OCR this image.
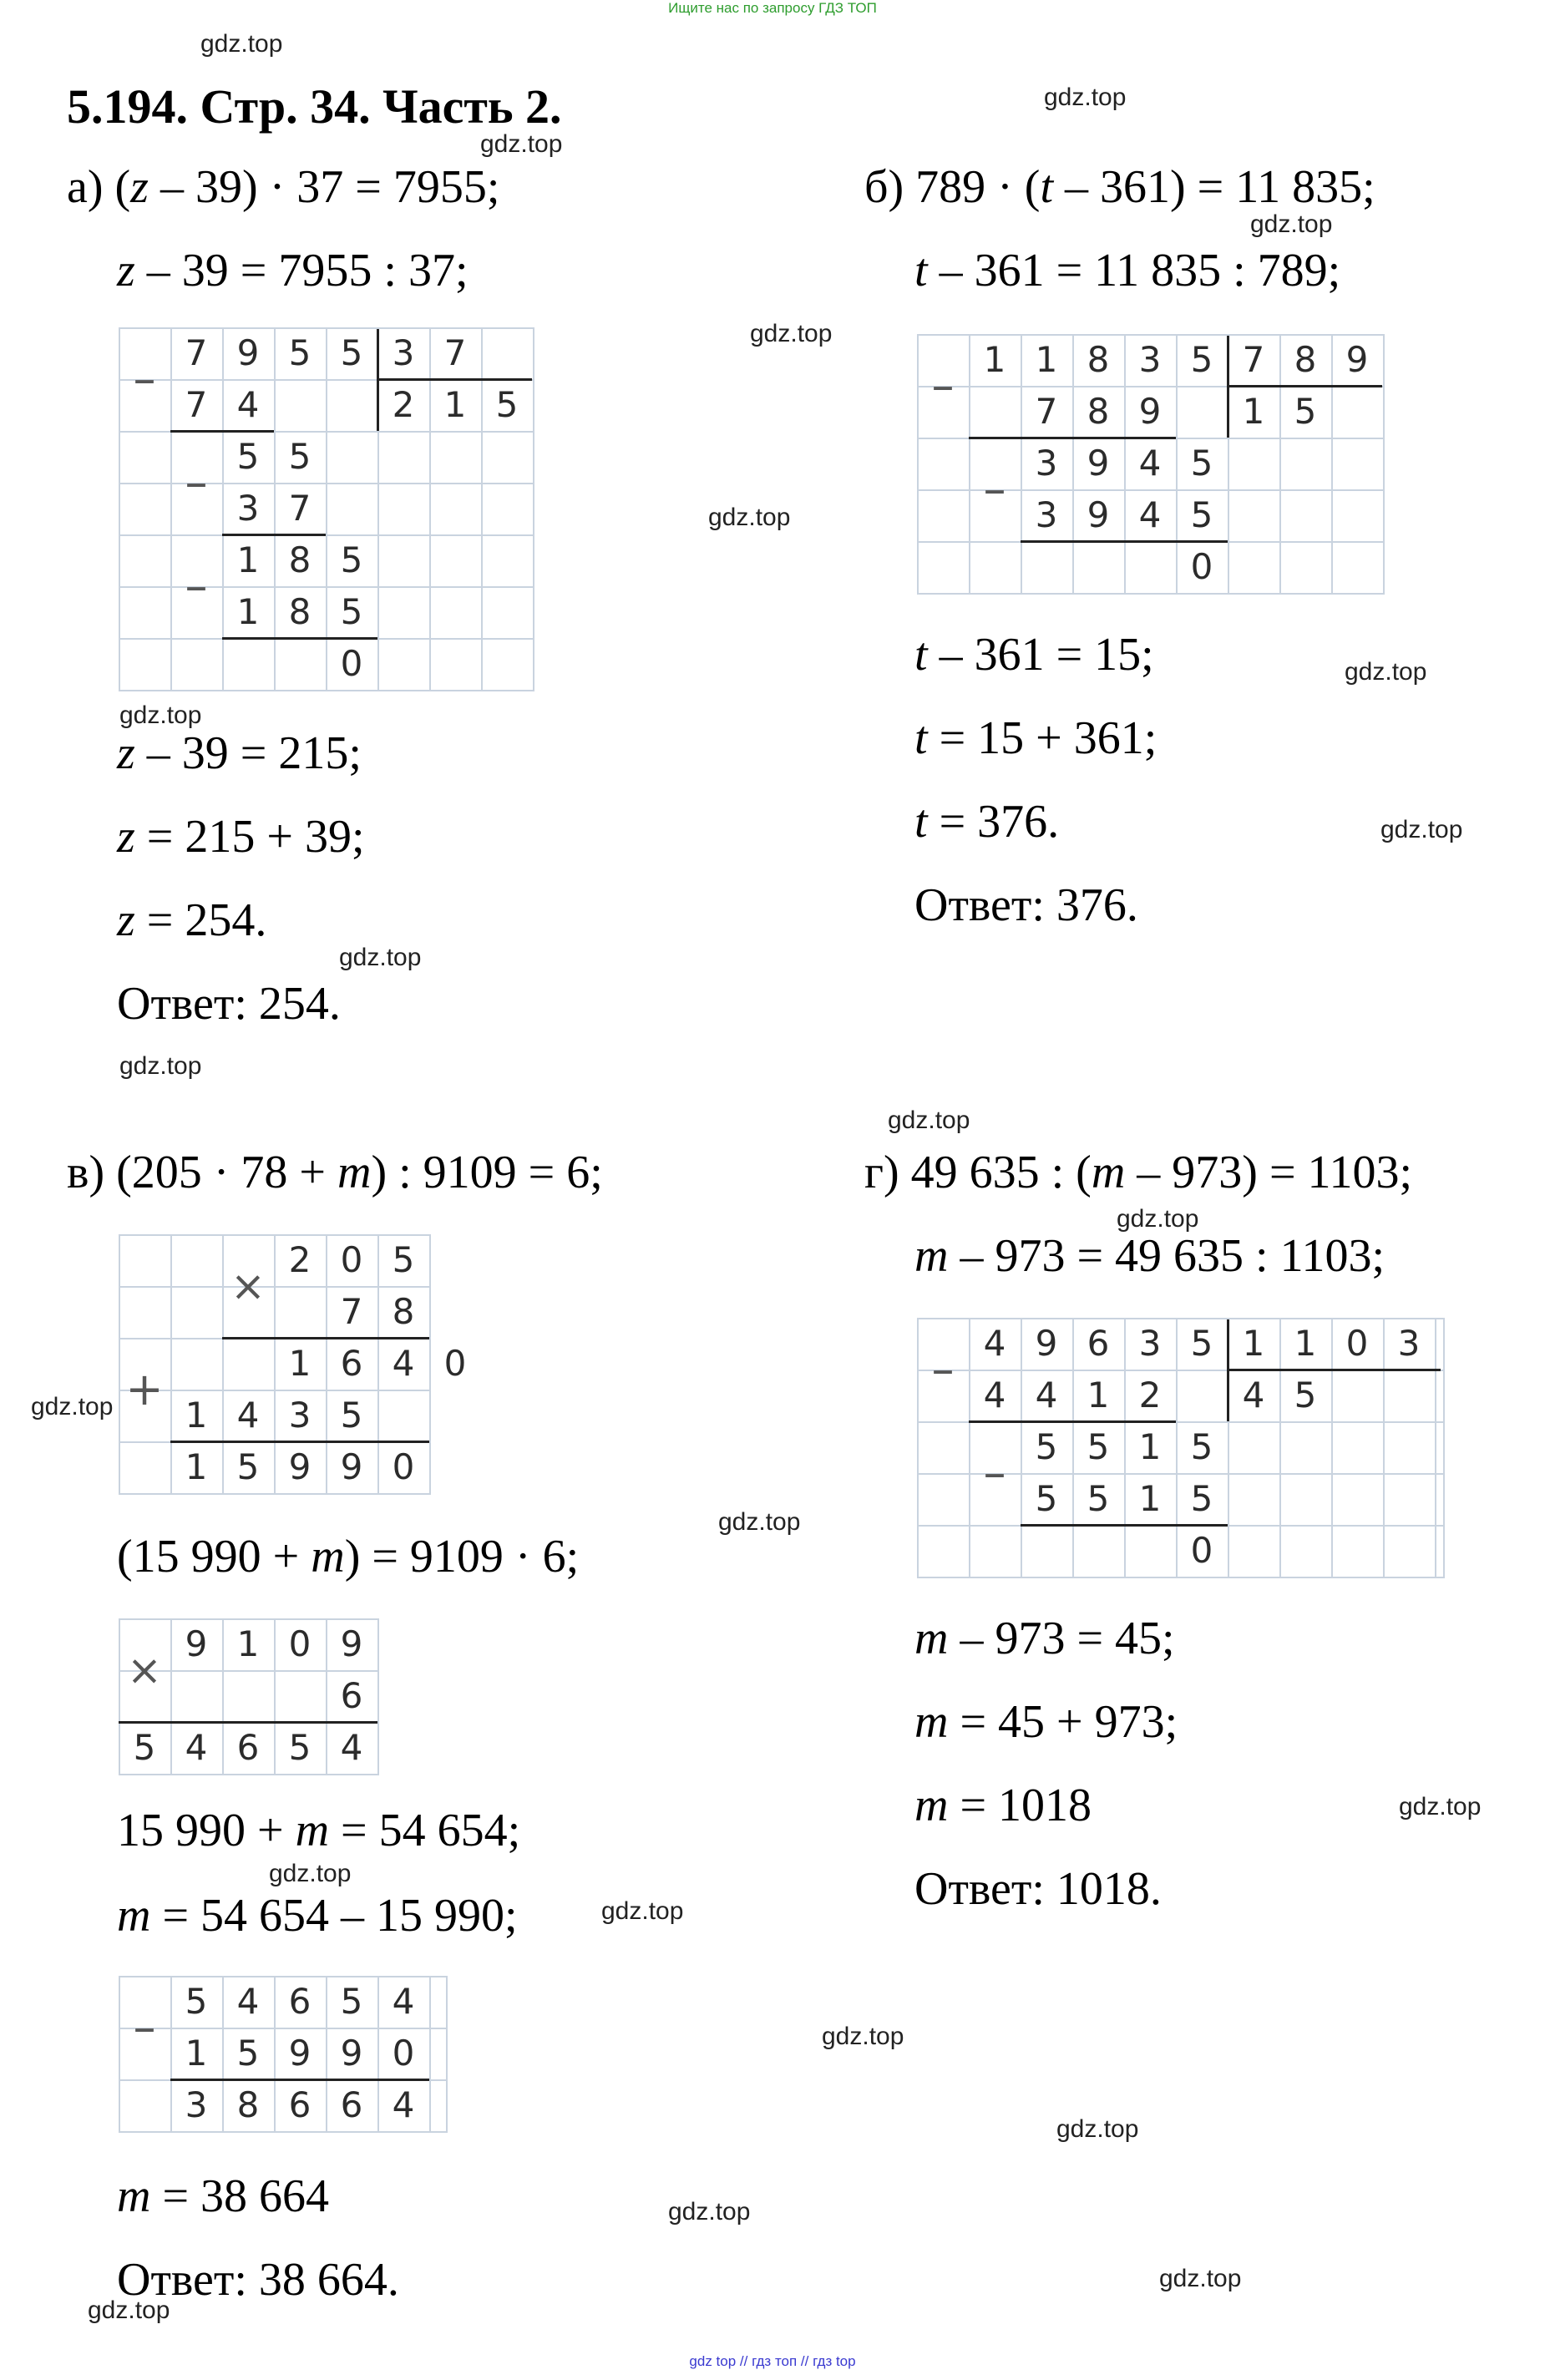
Ищите нас по запросу ГДЗ ТОП
gdz.top
gdz.top
gdz.top
gdz.top
gdz.top
gdz.top
gdz.top
gdz.top
gdz.top
gdz.top
gdz.top
gdz.top
gdz.top
gdz.top
gdz.top
gdz.top
gdz.top
gdz.top
gdz.top
gdz.top
gdz.top
gdz.top
gdz.top
5.194. Стр. 34. Часть 2.
а) (z – 39) · 37 = 7955;
z – 39 = 7955 : 37;
– 7 9 5 5 3 7
2 1 5
7 4
– 5 5
3 7
– 1 8 5
1 8 5
0
z – 39 = 215;
z = 215 + 39;
z = 254.
Ответ: 254.
б) 789 · (t – 361) = 11 835;
t – 361 = 11 835 : 789;
– 1 1 8 3 5 7 8 9
1 5
7 8 9
– 3 9 4 5
3 9 4 5
0
t – 361 = 15;
t = 15 + 361;
t = 376.
Ответ: 376.
в) (205 · 78 + m) : 9109 = 6;
×
2 0 5
7 8
+	1 6 4 0
1 4 3 5
1 5 9 9 0
(15 990 + m) = 9109 · 6;
×
9 1 0 9
6
5 4 6 5 4
15 990 + m = 54 654;
m = 54 654 – 15 990;
– 5 4 6 5 4
1 5 9 9 0
3 8 6 6 4
m = 38 664
Ответ: 38 664.
г) 49 635 : (m – 973) = 1103;
m – 973 = 49 635 : 1103;
– 4 9 6 3 5 1 1 0 3
4 5
4 4 1 2
– 5 5 1 5
5 5 1 5
0
m – 973 = 45;
m = 45 + 973;
m = 1018
Ответ: 1018.
gdz top // гдз топ // гдз top
